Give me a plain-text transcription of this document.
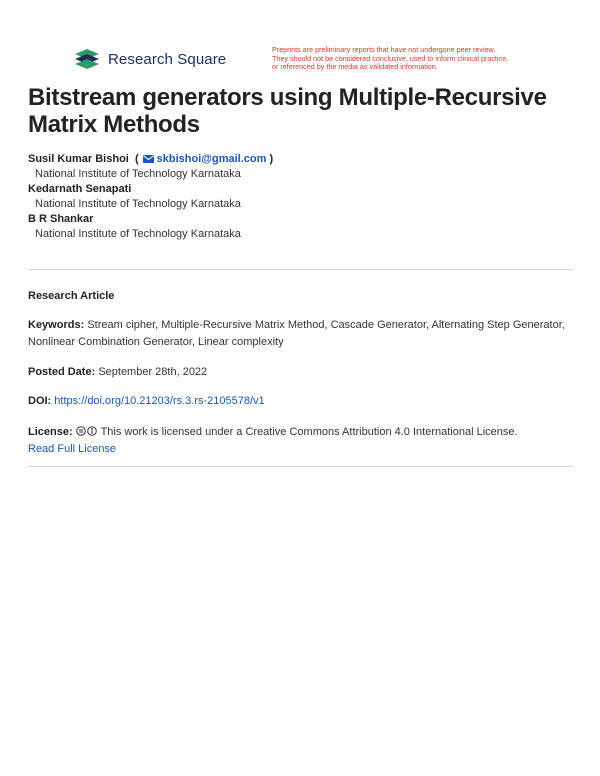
Research Square
Preprints are preliminary reports that have not undergone peer review.
They should not be considered conclusive, used to inform clinical practice,
or referenced by the media as validated information.
Bitstream generators using Multiple-Recursive Matrix Methods
Susil Kumar Bishoi  ( skbishoi@gmail.com )
National Institute of Technology Karnataka
Kedarnath Senapati
National Institute of Technology Karnataka
B R Shankar
National Institute of Technology Karnataka
Research Article
Keywords: Stream cipher, Multiple-Recursive Matrix Method, Cascade Generator, Alternating Step Generator, Nonlinear Combination Generator, Linear complexity
Posted Date: September 28th, 2022
DOI: https://doi.org/10.21203/rs.3.rs-2105578/v1
License:	This work is licensed under a Creative Commons Attribution 4.0 International License.
Read Full License
